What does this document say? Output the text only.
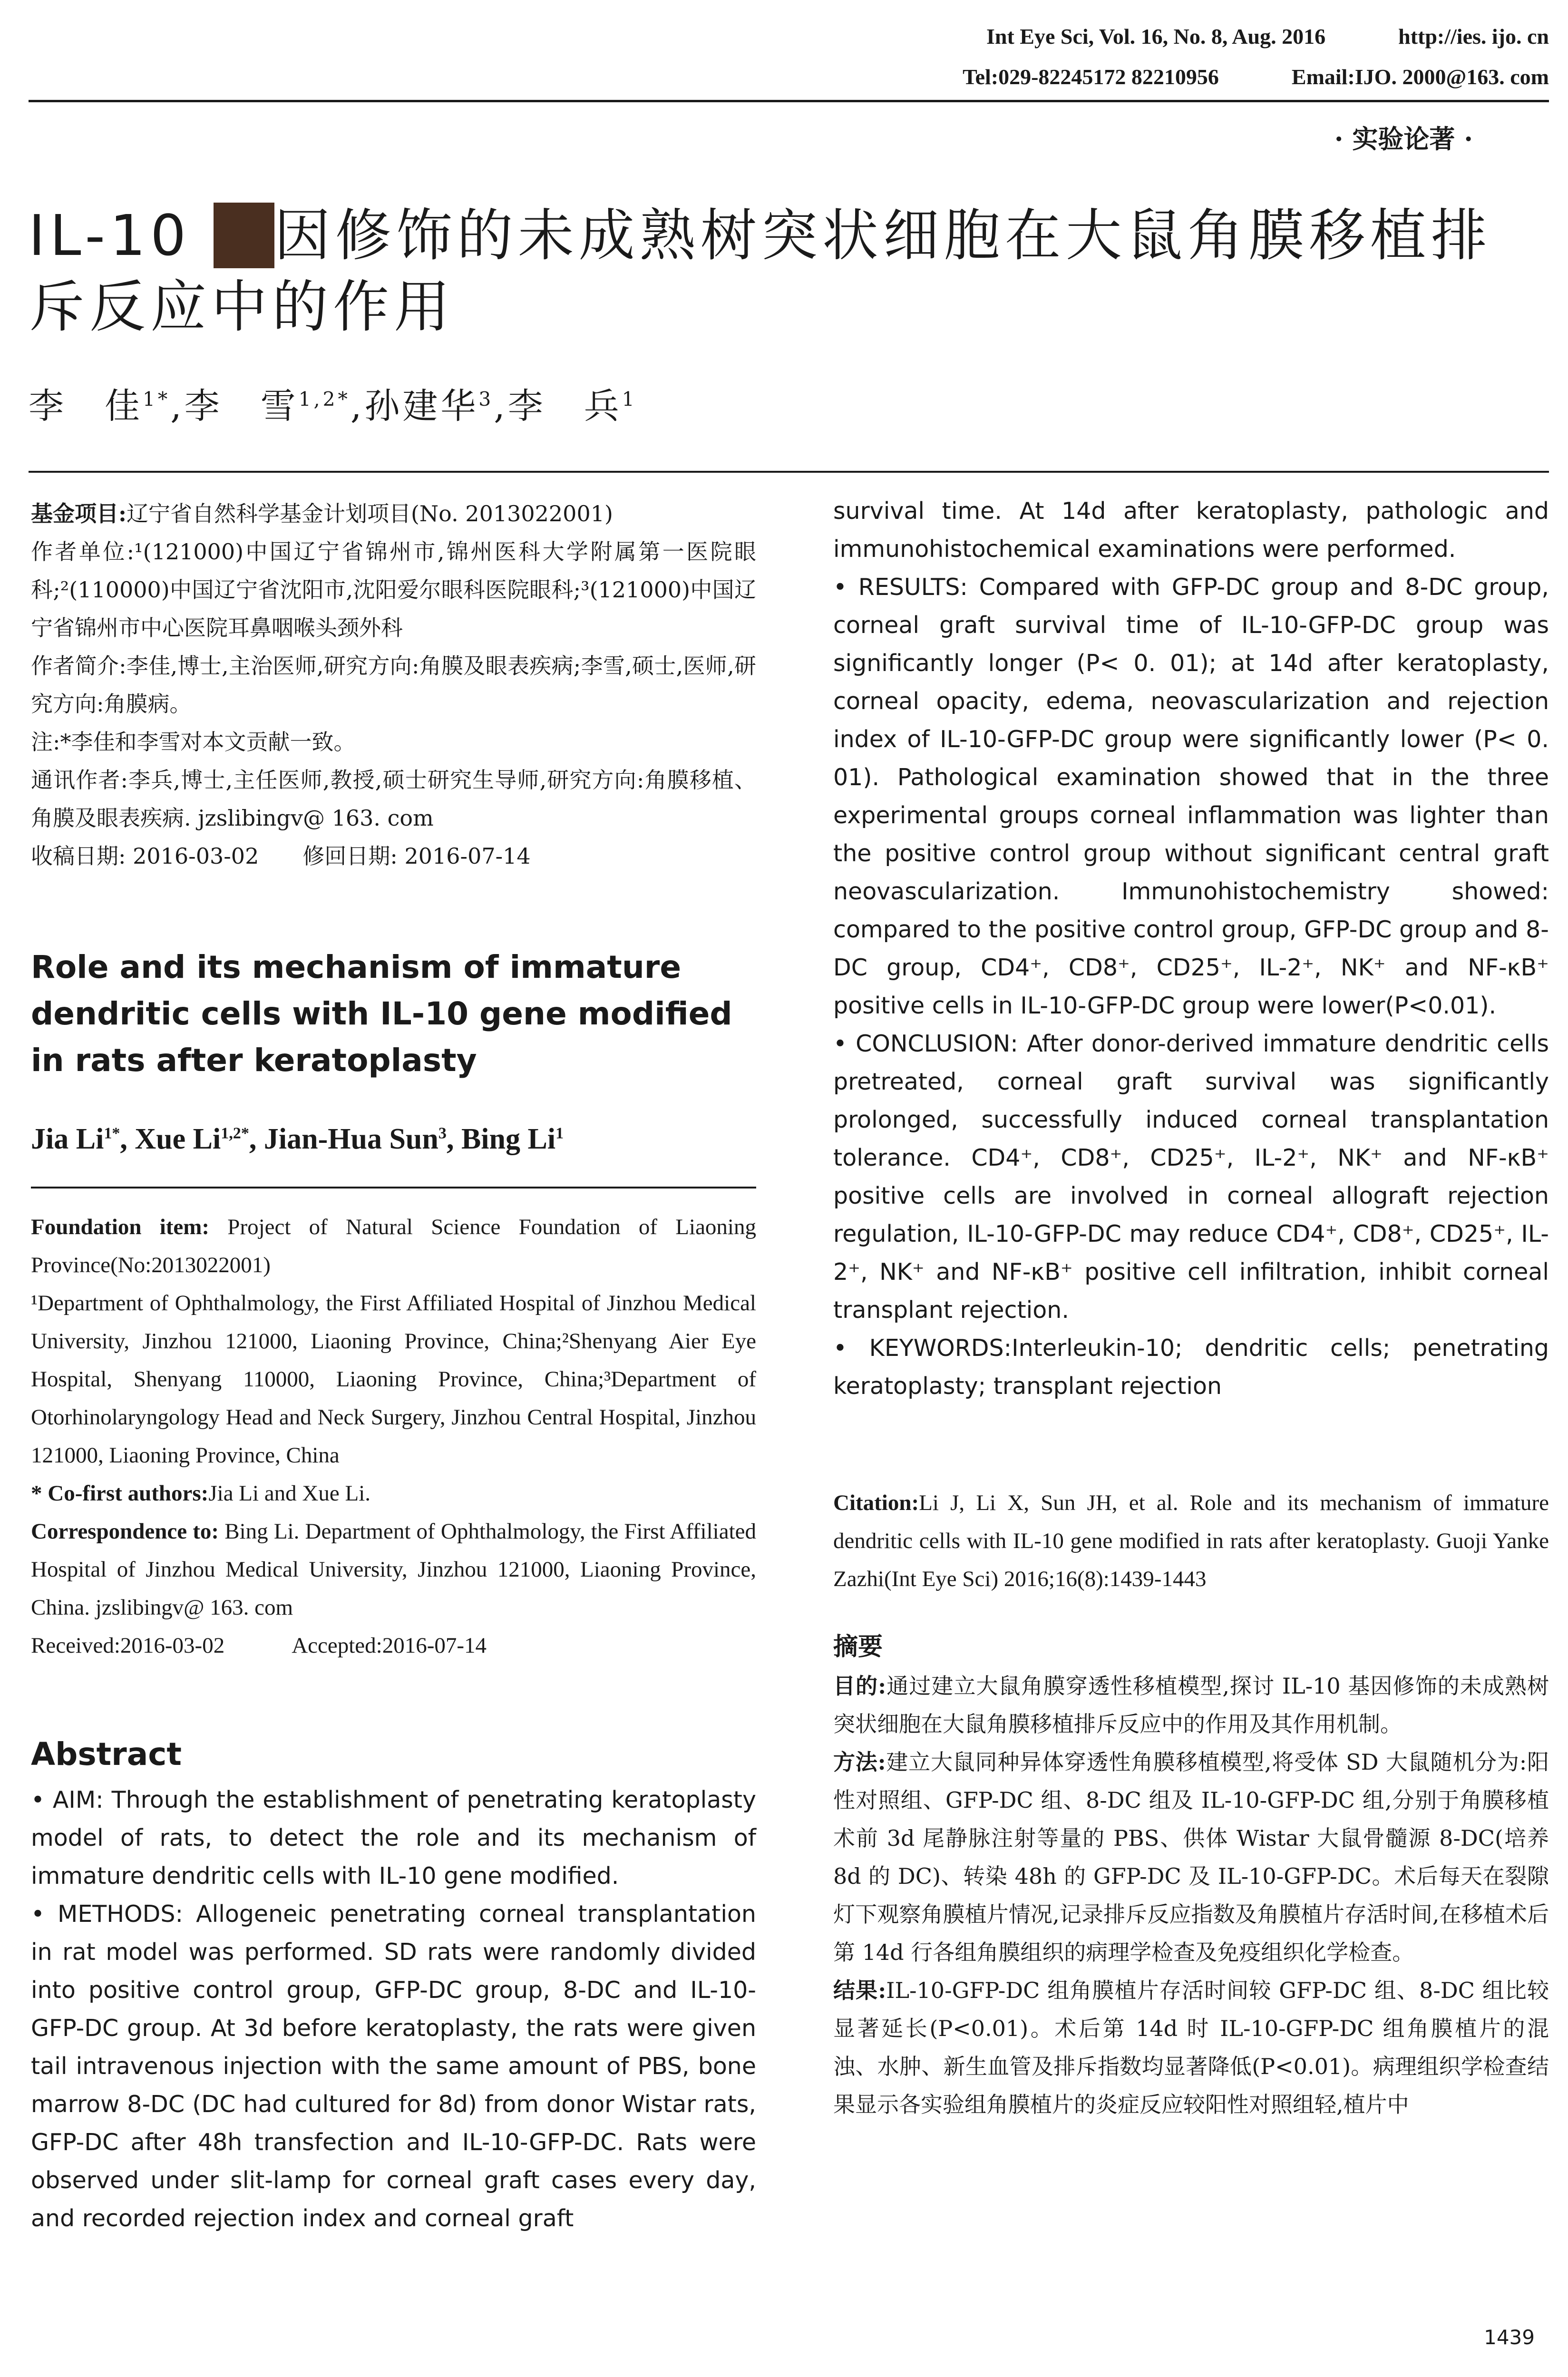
Int Eye Sci, Vol. 16, No. 8, Aug. 2016	http://ies. ijo. cn
Tel:029-82245172 82210956	Email:IJO. 2000@163. com
· 实验论著 ·
IL-10 基因修饰的未成熟树突状细胞在大鼠角膜移植排斥反应中的作用
李　佳$^{1*}$,李　雪$^{1,2*}$,孙建华$^3$,李　兵$^1$

基金项目:辽宁省自然科学基金计划项目(No. 2013022001)

作者单位:¹(121000)中国辽宁省锦州市,锦州医科大学附属第一医院眼科;²(110000)中国辽宁省沈阳市,沈阳爱尔眼科医院眼科;³(121000)中国辽宁省锦州市中心医院耳鼻咽喉头颈外科

作者简介:李佳,博士,主治医师,研究方向:角膜及眼表疾病;李雪,硕士,医师,研究方向:角膜病。

注:*李佳和李雪对本文贡献一致。

通讯作者:李兵,博士,主任医师,教授,硕士研究生导师,研究方向:角膜移植、角膜及眼表疾病. jzslibingv@ 163. com

收稿日期: 2016-03-02　　修回日期: 2016-07-14

Role and its mechanism of immature dendritic cells with IL-10 gene modified in rats after keratoplasty
Jia $Li^{1*}$, Xue $Li^{1,2*}$, Jian-Hua Sun$^3$, Bing Li$^1$

Foundation item: Project of Natural Science Foundation of Liaoning Province(No:2013022001)

¹Department of Ophthalmology, the First Affiliated Hospital of Jinzhou Medical University, Jinzhou 121000, Liaoning Province, China;²Shenyang Aier Eye Hospital, Shenyang 110000, Liaoning Province, China;³Department of Otorhinolaryngology Head and Neck Surgery, Jinzhou Central Hospital, Jinzhou 121000, Liaoning Province, China

* Co-first authors:Jia Li and Xue Li.

Correspondence to: Bing Li. Department of Ophthalmology, the First Affiliated Hospital of Jinzhou Medical University, Jinzhou 121000, Liaoning Province, China. jzslibingv@ 163. com

Received:2016-03-02　　　Accepted:2016-07-14

Abstract

• AIM: Through the establishment of penetrating keratoplasty model of rats, to detect the role and its mechanism of immature dendritic cells with IL-10 gene modified.

• METHODS: Allogeneic penetrating corneal transplantation in rat model was performed. SD rats were randomly divided into positive control group, GFP-DC group, 8-DC and IL-10-GFP-DC group. At 3d before keratoplasty, the rats were given tail intravenous injection with the same amount of PBS, bone marrow 8-DC (DC had cultured for 8d) from donor Wistar rats, GFP-DC after 48h transfection and IL-10-GFP-DC. Rats were observed under slit-lamp for corneal graft cases every day, and recorded rejection index and corneal graft

survival time. At 14d after keratoplasty, pathologic and immunohistochemical examinations were performed.

• RESULTS: Compared with GFP-DC group and 8-DC group, corneal graft survival time of IL-10-GFP-DC group was significantly longer (P< 0. 01); at 14d after keratoplasty, corneal opacity, edema, neovascularization and rejection index of IL-10-GFP-DC group were significantly lower (P< 0. 01). Pathological examination showed that in the three experimental groups corneal inflammation was lighter than the positive control group without significant central graft neovascularization. Immunohistochemistry showed: compared to the positive control group, GFP-DC group and 8-DC group, CD4⁺, CD8⁺, CD25⁺, IL-2⁺, NK⁺ and NF-κB⁺ positive cells in IL-10-GFP-DC group were lower(P<0.01).

• CONCLUSION: After donor-derived immature dendritic cells pretreated, corneal graft survival was significantly prolonged, successfully induced corneal transplantation tolerance. CD4⁺, CD8⁺, CD25⁺, IL-2⁺, NK⁺ and NF-κB⁺ positive cells are involved in corneal allograft rejection regulation, IL-10-GFP-DC may reduce CD4⁺, CD8⁺, CD25⁺, IL-2⁺, NK⁺ and NF-κB⁺ positive cell infiltration, inhibit corneal transplant rejection.

• KEYWORDS:Interleukin-10; dendritic cells; penetrating keratoplasty; transplant rejection

Citation:Li J, Li X, Sun JH, et al. Role and its mechanism of immature dendritic cells with IL-10 gene modified in rats after keratoplasty. Guoji Yanke Zazhi(Int Eye Sci) 2016;16(8):1439-1443

摘要

目的:通过建立大鼠角膜穿透性移植模型,探讨 IL-10 基因修饰的未成熟树突状细胞在大鼠角膜移植排斥反应中的作用及其作用机制。

方法:建立大鼠同种异体穿透性角膜移植模型,将受体 SD 大鼠随机分为:阳性对照组、GFP-DC 组、8-DC 组及 IL-10-GFP-DC 组,分别于角膜移植术前 3d 尾静脉注射等量的 PBS、供体 Wistar 大鼠骨髓源 8-DC(培养 8d 的 DC)、转染 48h 的 GFP-DC 及 IL-10-GFP-DC。术后每天在裂隙灯下观察角膜植片情况,记录排斥反应指数及角膜植片存活时间,在移植术后第 14d 行各组角膜组织的病理学检查及免疫组织化学检查。

结果:IL-10-GFP-DC 组角膜植片存活时间较 GFP-DC 组、8-DC 组比较显著延长(P<0.01)。术后第 14d 时 IL-10-GFP-DC 组角膜植片的混浊、水肿、新生血管及排斥指数均显著降低(P<0.01)。病理组织学检查结果显示各实验组角膜植片的炎症反应较阳性对照组轻,植片中

1439
